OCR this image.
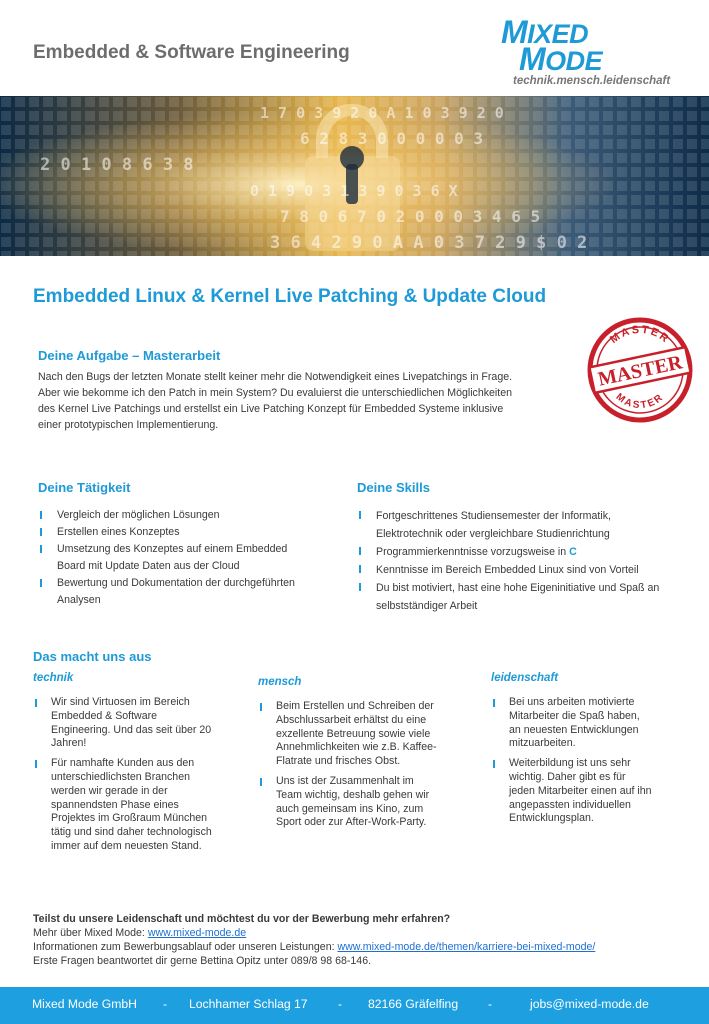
Embedded & Software Engineering
MIXED
MODE
technik.mensch.leidenschaft
1 7 0 3 9 2 0 A 1 0 3 9 2 0
6 2 8 3 0 0 0 0 0 3
2 0 1 0 8 6 3 8
0 1 9 0 3 1 3 9 0 3 6 X
7 8 0 6 7 0 2 0 0 0 3 4 6 5
3 6 4 2 9 0 A A 0 3 7 2 9 $ 0 2
Embedded Linux & Kernel Live Patching & Update Cloud
MASTER
MASTER
MASTER
Deine Aufgabe – Masterarbeit
Nach den Bugs der letzten Monate stellt keiner mehr die Notwendigkeit eines Livepatchings in Frage.
Aber wie bekomme ich den Patch in mein System? Du evaluierst die unterschiedlichen Möglichkeiten
des Kernel Live Patchings und erstellst ein Live Patching Konzept für Embedded Systeme inklusive
einer prototypischen Implementierung.
Deine Tätigkeit
Vergleich der möglichen Lösungen
Erstellen eines Konzeptes
Umsetzung des Konzeptes auf einem Embedded
Board mit Update Daten aus der Cloud
Bewertung und Dokumentation der durchgeführten
Analysen
Deine Skills
Fortgeschrittenes Studiensemester der Informatik,
Elektrotechnik oder vergleichbare Studienrichtung
Programmierkenntnisse vorzugsweise in C
Kenntnisse im Bereich Embedded Linux sind von Vorteil
Du bist motiviert, hast eine hohe Eigeninitiative und Spaß an
selbstständiger Arbeit
Das macht uns aus
technik
Wir sind Virtuosen im Bereich
Embedded & Software
Engineering. Und das seit über 20
Jahren!
Für namhafte Kunden aus den
unterschiedlichsten Branchen
werden wir gerade in der
spannendsten Phase eines
Projektes im Großraum München
tätig und sind daher technologisch
immer auf dem neuesten Stand.
mensch
Beim Erstellen und Schreiben der
Abschlussarbeit erhältst du eine
exzellente Betreuung sowie viele
Annehmlichkeiten wie z.B. Kaffee-
Flatrate und frisches Obst.
Uns ist der Zusammenhalt im
Team wichtig, deshalb gehen wir
auch gemeinsam ins Kino, zum
Sport oder zur After-Work-Party.
leidenschaft
Bei uns arbeiten motivierte
Mitarbeiter die Spaß haben,
an neuesten Entwicklungen
mitzuarbeiten.
Weiterbildung ist uns sehr
wichtig. Daher gibt es für
jeden Mitarbeiter einen auf ihn
angepassten individuellen
Entwicklungsplan.
Teilst du unsere Leidenschaft und möchtest du vor der Bewerbung mehr erfahren?
Mehr über Mixed Mode: www.mixed-mode.de
Informationen zum Bewerbungsablauf oder unseren Leistungen: www.mixed-mode.de/themen/karriere-bei-mixed-mode/
Erste Fragen beantwortet dir gerne Bettina Opitz unter 089/8 98 68-146.
Mixed Mode GmbH - Lochhamer Schlag 17 - 82166 Gräfelfing -	jobs@mixed-mode.de
